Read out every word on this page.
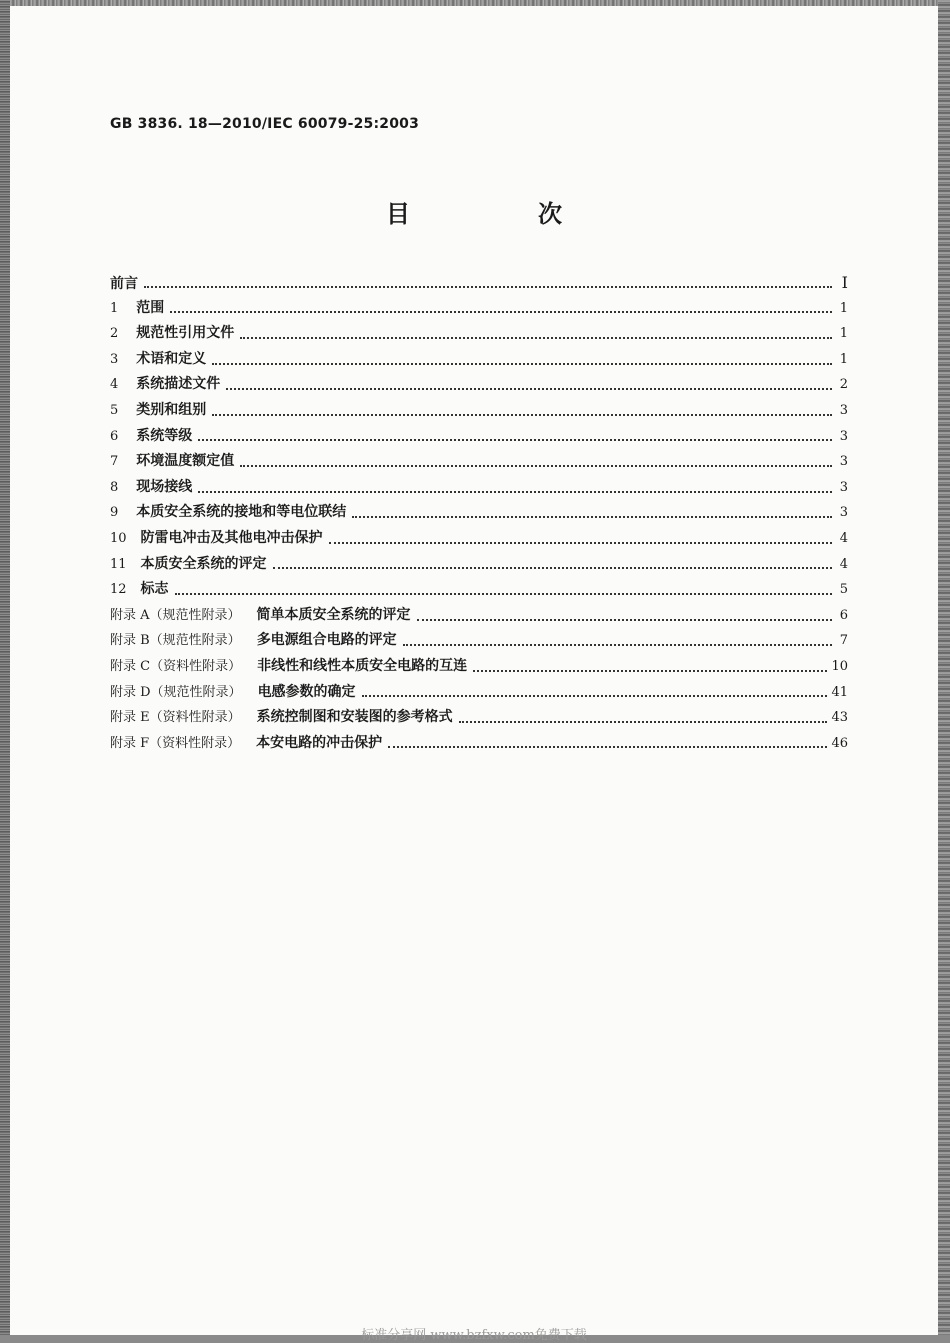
GB 3836. 18—2010/IEC 60079-25:2003
目　次
前言	Ⅰ
1 范围	1
2 规范性引用文件	1
3 术语和定义	1
4 系统描述文件	2
5 类别和组别	3
6 系统等级	3
7 环境温度额定值	3
8 现场接线	3
9 本质安全系统的接地和等电位联结	3
10 防雷电冲击及其他电冲击保护	4
11 本质安全系统的评定	4
12 标志	5
附录 A（规范性附录） 简单本质安全系统的评定	6
附录 B（规范性附录） 多电源组合电路的评定	7
附录 C（资料性附录） 非线性和线性本质安全电路的互连	10
附录 D（规范性附录） 电感参数的确定	41
附录 E（资料性附录） 系统控制图和安装图的参考格式	43
附录 F（资料性附录） 本安电路的冲击保护	46
标准分享网 www.bzfxw.com免费下载
